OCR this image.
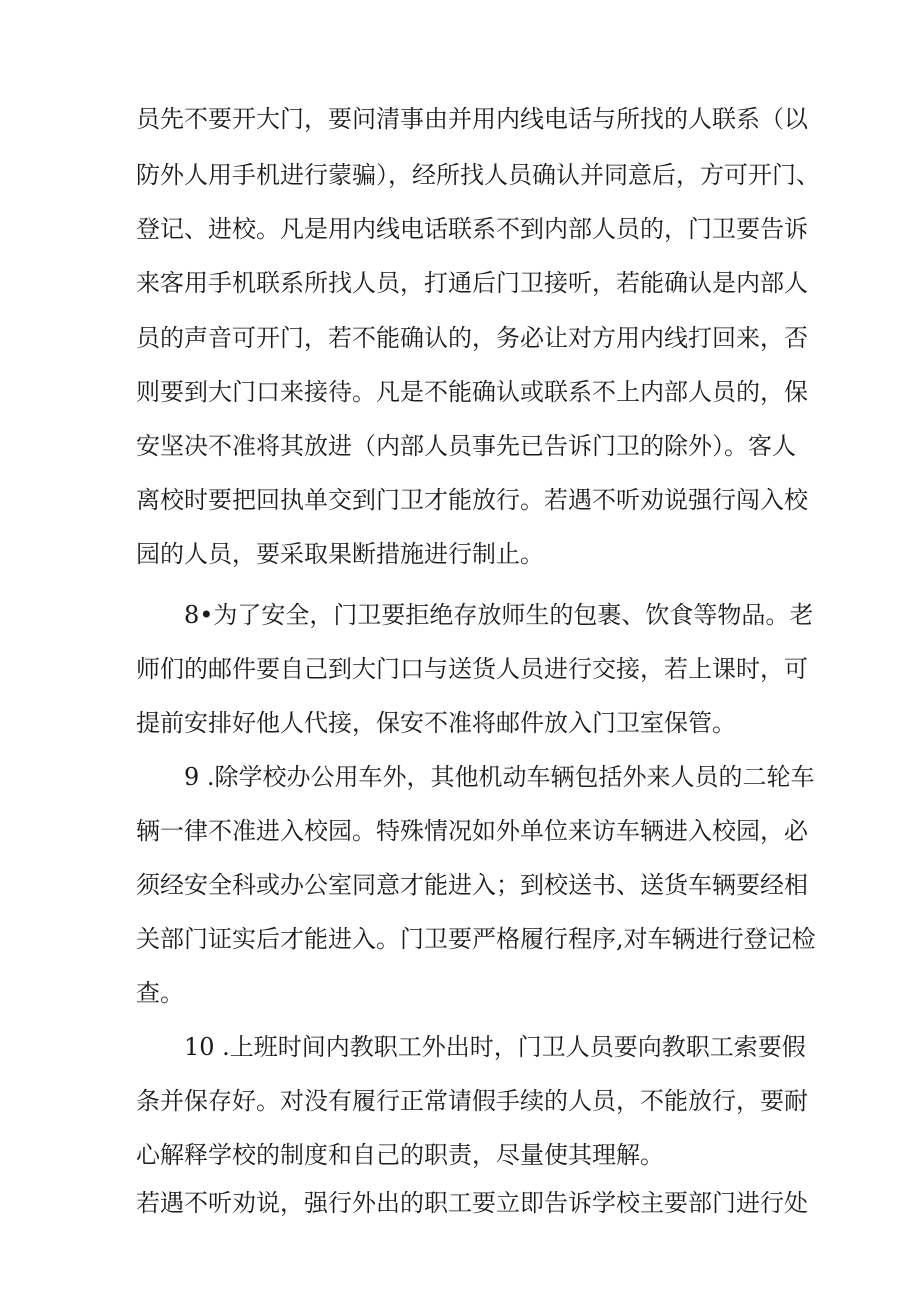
员先不要开大门，要问清事由并用内线电话与所找的人联系（以

防外人用手机进行蒙骗），经所找人员确认并同意后，方可开门、

登记、进校。凡是用内线电话联系不到内部人员的，门卫要告诉

来客用手机联系所找人员，打通后门卫接听，若能确认是内部人

员的声音可开门，若不能确认的，务必让对方用内线打回来，否

则要到大门口来接待。凡是不能确认或联系不上内部人员的，保

安坚决不准将其放进（内部人员事先已告诉门卫的除外）。客人

离校时要把回执单交到门卫才能放行。若遇不听劝说强行闯入校

园的人员，要采取果断措施进行制止。

8•为了安全，门卫要拒绝存放师生的包裹、饮食等物品。老

师们的邮件要自己到大门口与送货人员进行交接，若上课时，可

提前安排好他人代接，保安不准将邮件放入门卫室保管。

9 .除学校办公用车外，其他机动车辆包括外来人员的二轮车

辆一律不准进入校园。特殊情况如外单位来访车辆进入校园，必

须经安全科或办公室同意才能进入；到校送书、送货车辆要经相

关部门证实后才能进入。门卫要严格履行程序,对车辆进行登记检

查。

10 .上班时间内教职工外出时，门卫人员要向教职工索要假

条并保存好。对没有履行正常请假手续的人员，不能放行，要耐

心解释学校的制度和自己的职责，尽量使其理解。

若遇不听劝说，强行外出的职工要立即告诉学校主要部门进行处
